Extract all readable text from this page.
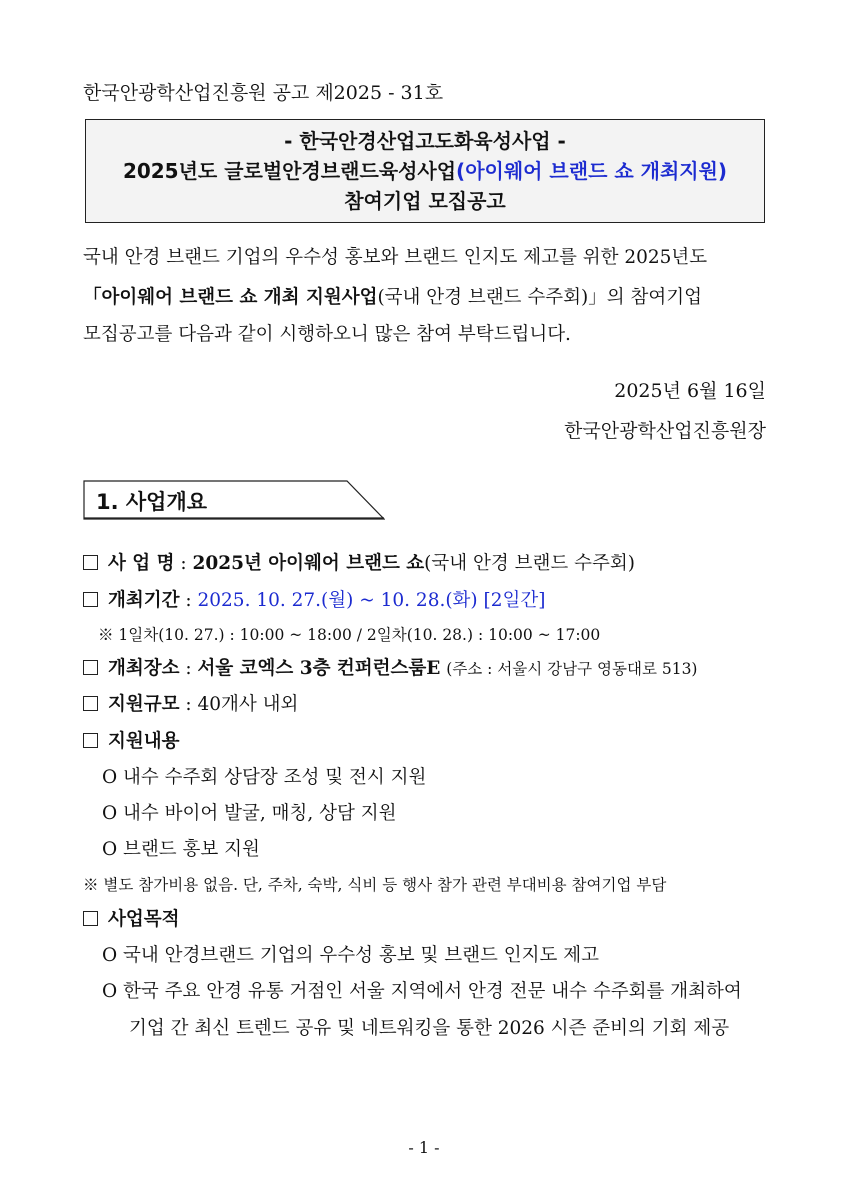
한국안광학산업진흥원 공고 제2025 - 31호
- 한국안경산업고도화육성사업 -
2025년도 글로벌안경브랜드육성사업(아이웨어 브랜드 쇼 개최지원)
참여기업 모집공고
국내 안경 브랜드 기업의 우수성 홍보와 브랜드 인지도 제고를 위한 2025년도
「아이웨어 브랜드 쇼 개최 지원사업(국내 안경 브랜드 수주회)」의 참여기업
모집공고를 다음과 같이 시행하오니 많은 참여 부탁드립니다.
2025년 6월 16일
한국안광학산업진흥원장
1. 사업개요
사 업 명 : 2025년 아이웨어 브랜드 쇼(국내 안경 브랜드 수주회)
개최기간 : 2025. 10. 27.(월) ~ 10. 28.(화) [2일간]
※ 1일차(10. 27.) : 10:00 ~ 18:00 / 2일차(10. 28.) : 10:00 ~ 17:00
개최장소 : 서울 코엑스 3층 컨퍼런스룸E (주소 : 서울시 강남구 영동대로 513)
지원규모 : 40개사 내외
지원내용
O 내수 수주회 상담장 조성 및 전시 지원
O 내수 바이어 발굴, 매칭, 상담 지원
O 브랜드 홍보 지원
※ 별도 참가비용 없음. 단, 주차, 숙박, 식비 등 행사 참가 관련 부대비용 참여기업 부담
사업목적
O 국내 안경브랜드 기업의 우수성 홍보 및 브랜드 인지도 제고
O 한국 주요 안경 유통 거점인 서울 지역에서 안경 전문 내수 수주회를 개최하여
기업 간 최신 트렌드 공유 및 네트워킹을 통한 2026 시즌 준비의 기회 제공
- 1 -
